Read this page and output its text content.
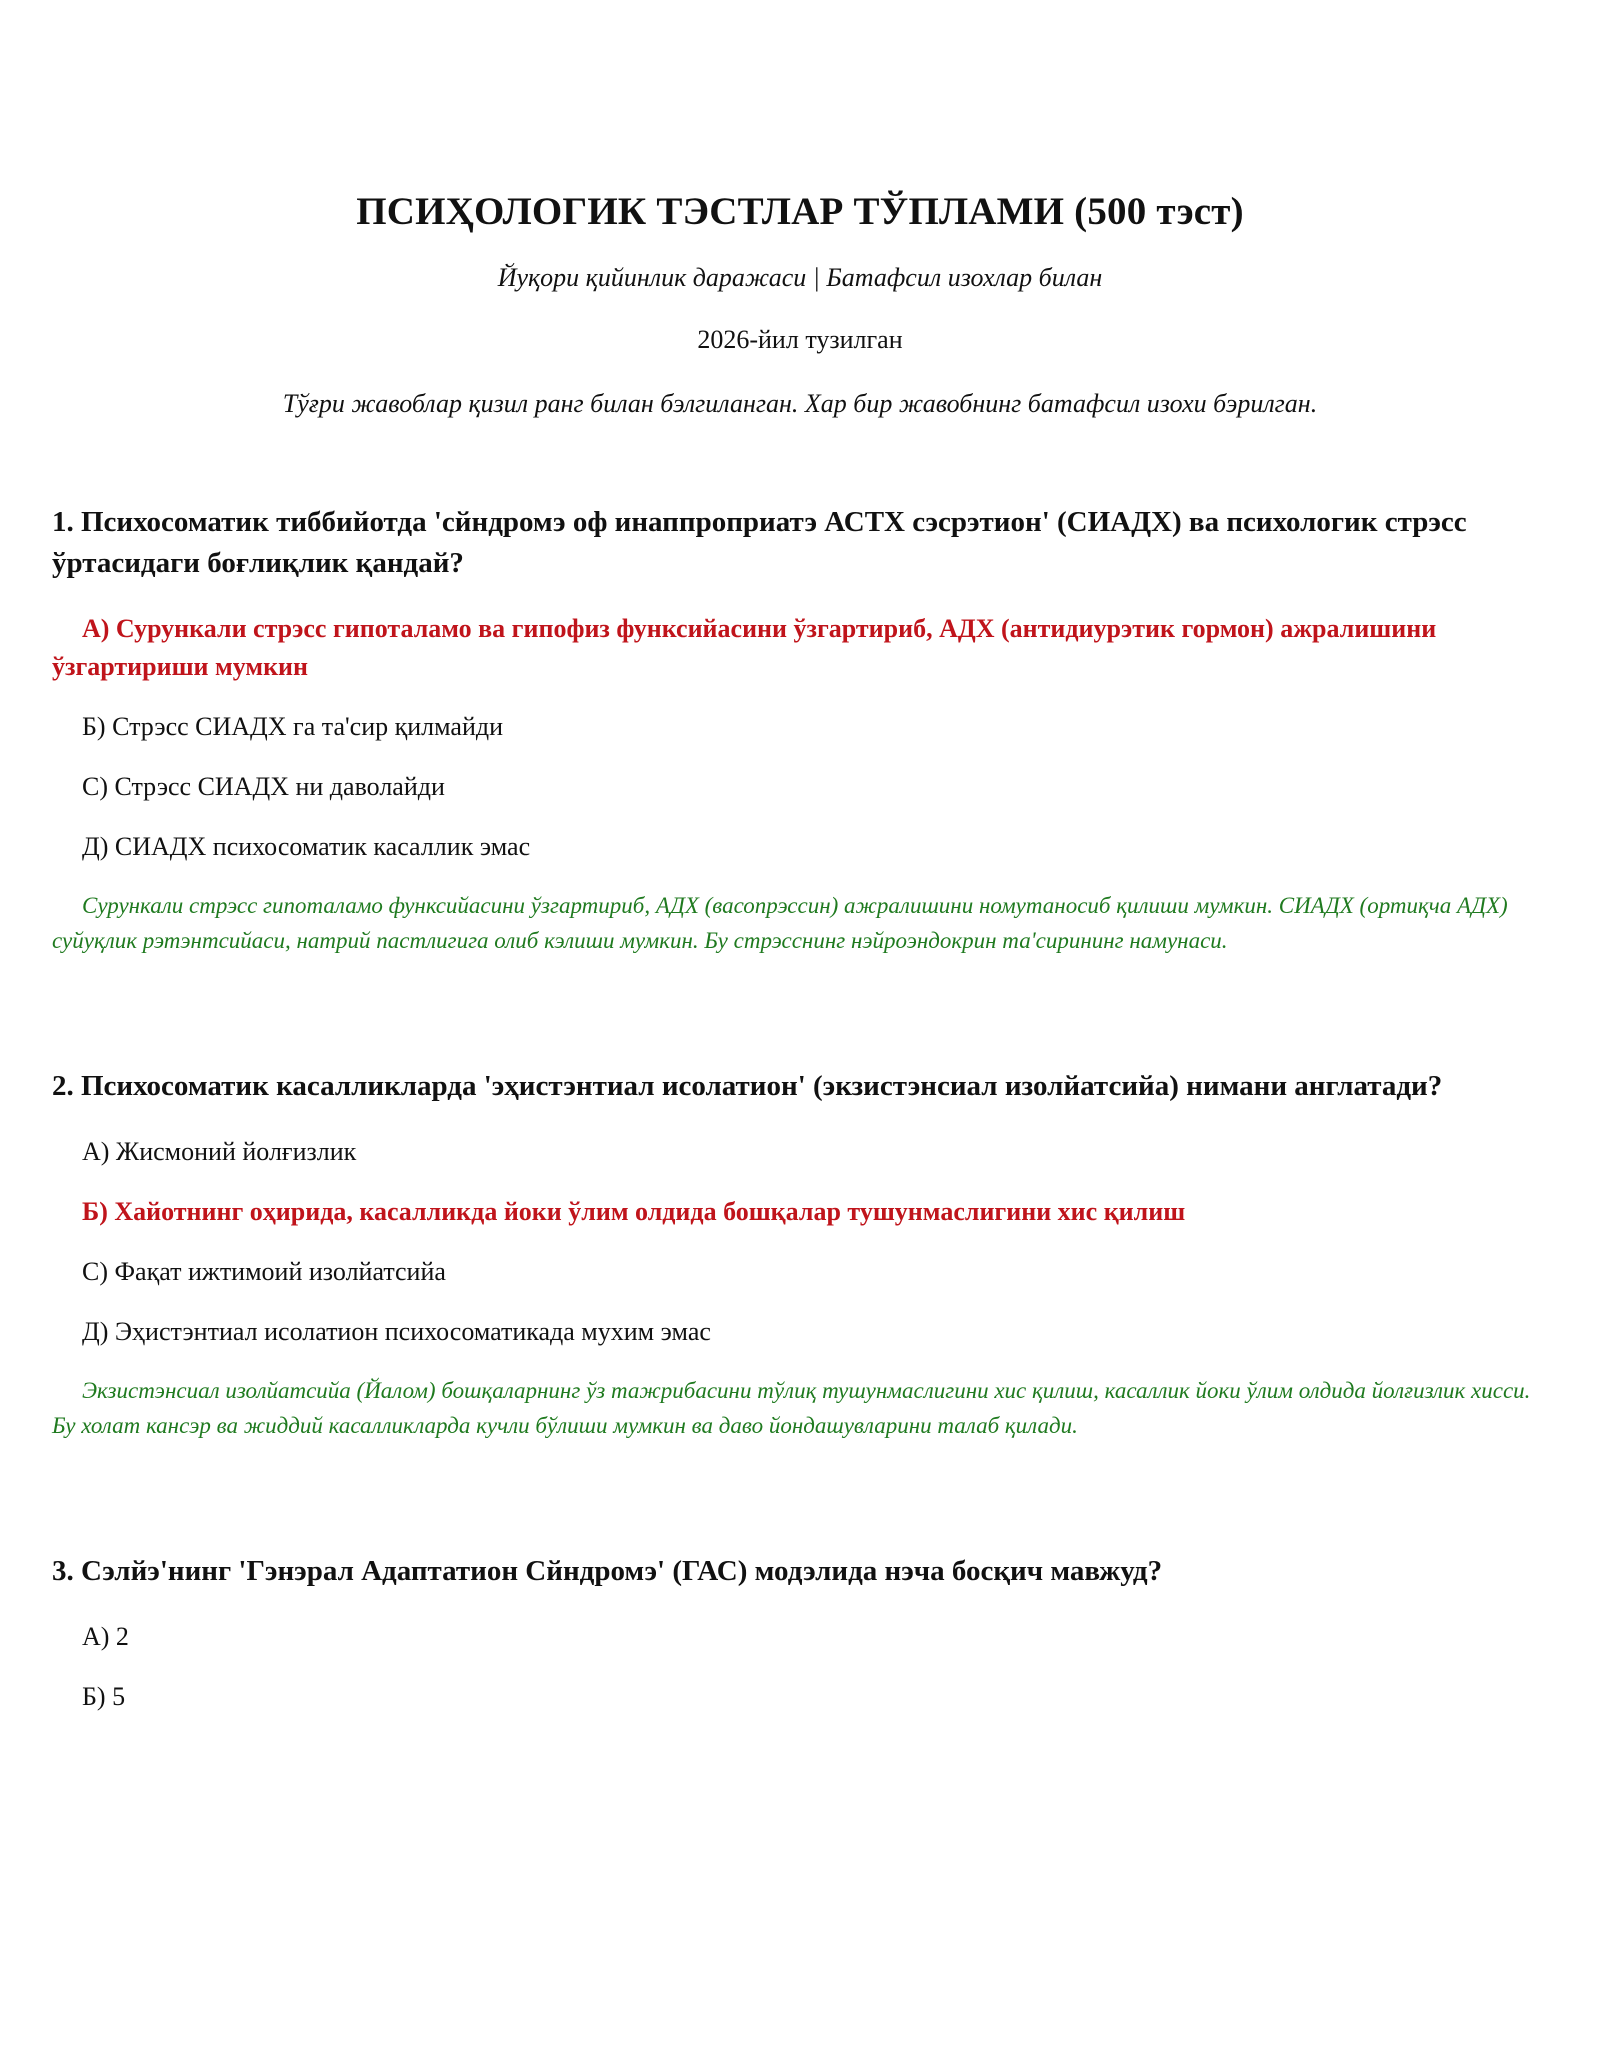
ПСИҲОЛОГИК ТЭСТЛАР ТЎПЛАМИ (500 тэст)

Йуқори қийинлик даражаси | Батафсил изохлар билан

2026-йил тузилган

Тўғри жавоблар қизил ранг билан бэлгиланган. Хар бир жавобнинг батафсил изохи бэрилган.

1. Психосоматик тиббийотда 'сйндромэ оф инаппроприатэ АСТХ сэсрэтион' (СИАДХ) ва психологик стрэсс ўртасидаги боғлиқлик қандай?

А) Сурункали стрэсс гипоталамо ва гипофиз функсийасини ўзгартириб, АДХ (антидиурэтик гормон) ажралишини ўзгартириши мумкин

Б) Стрэсс СИАДХ га та'сир қилмайди

С) Стрэсс СИАДХ ни даволайди

Д) СИАДХ психосоматик касаллик эмас

Сурункали стрэсс гипоталамо функсийасини ўзгартириб, АДХ (васопрэссин) ажралишини номутаносиб қилиши мумкин. СИАДХ (ортиқча АДХ) суйуқлик рэтэнтсийаси, натрий пастлигига олиб кэлиши мумкин. Бу стрэсснинг нэйроэндокрин та'сирининг намунаси.

2. Психосоматик касалликларда 'эҳистэнтиал исолатион' (экзистэнсиал изолйатсийа) нимани англатади?

А) Жисмоний йолғизлик

Б) Хайотнинг оҳирида, касалликда йоки ўлим олдида бошқалар тушунмаслигини хис қилиш

С) Фақат ижтимоий изолйатсийа

Д) Эҳистэнтиал исолатион психосоматикада мухим эмас

Экзистэнсиал изолйатсийа (Йалом) бошқаларнинг ўз тажрибасини тўлиқ тушунмаслигини хис қилиш, касаллик йоки ўлим олдида йолғизлик хисси. Бу холат кансэр ва жиддий касалликларда кучли бўлиши мумкин ва даво йондашувларини талаб қилади.

3. Сэлйэ'нинг 'Гэнэрал Адаптатион Сйндромэ' (ГАС) модэлида нэча босқич мавжуд?

А) 2

Б) 5
